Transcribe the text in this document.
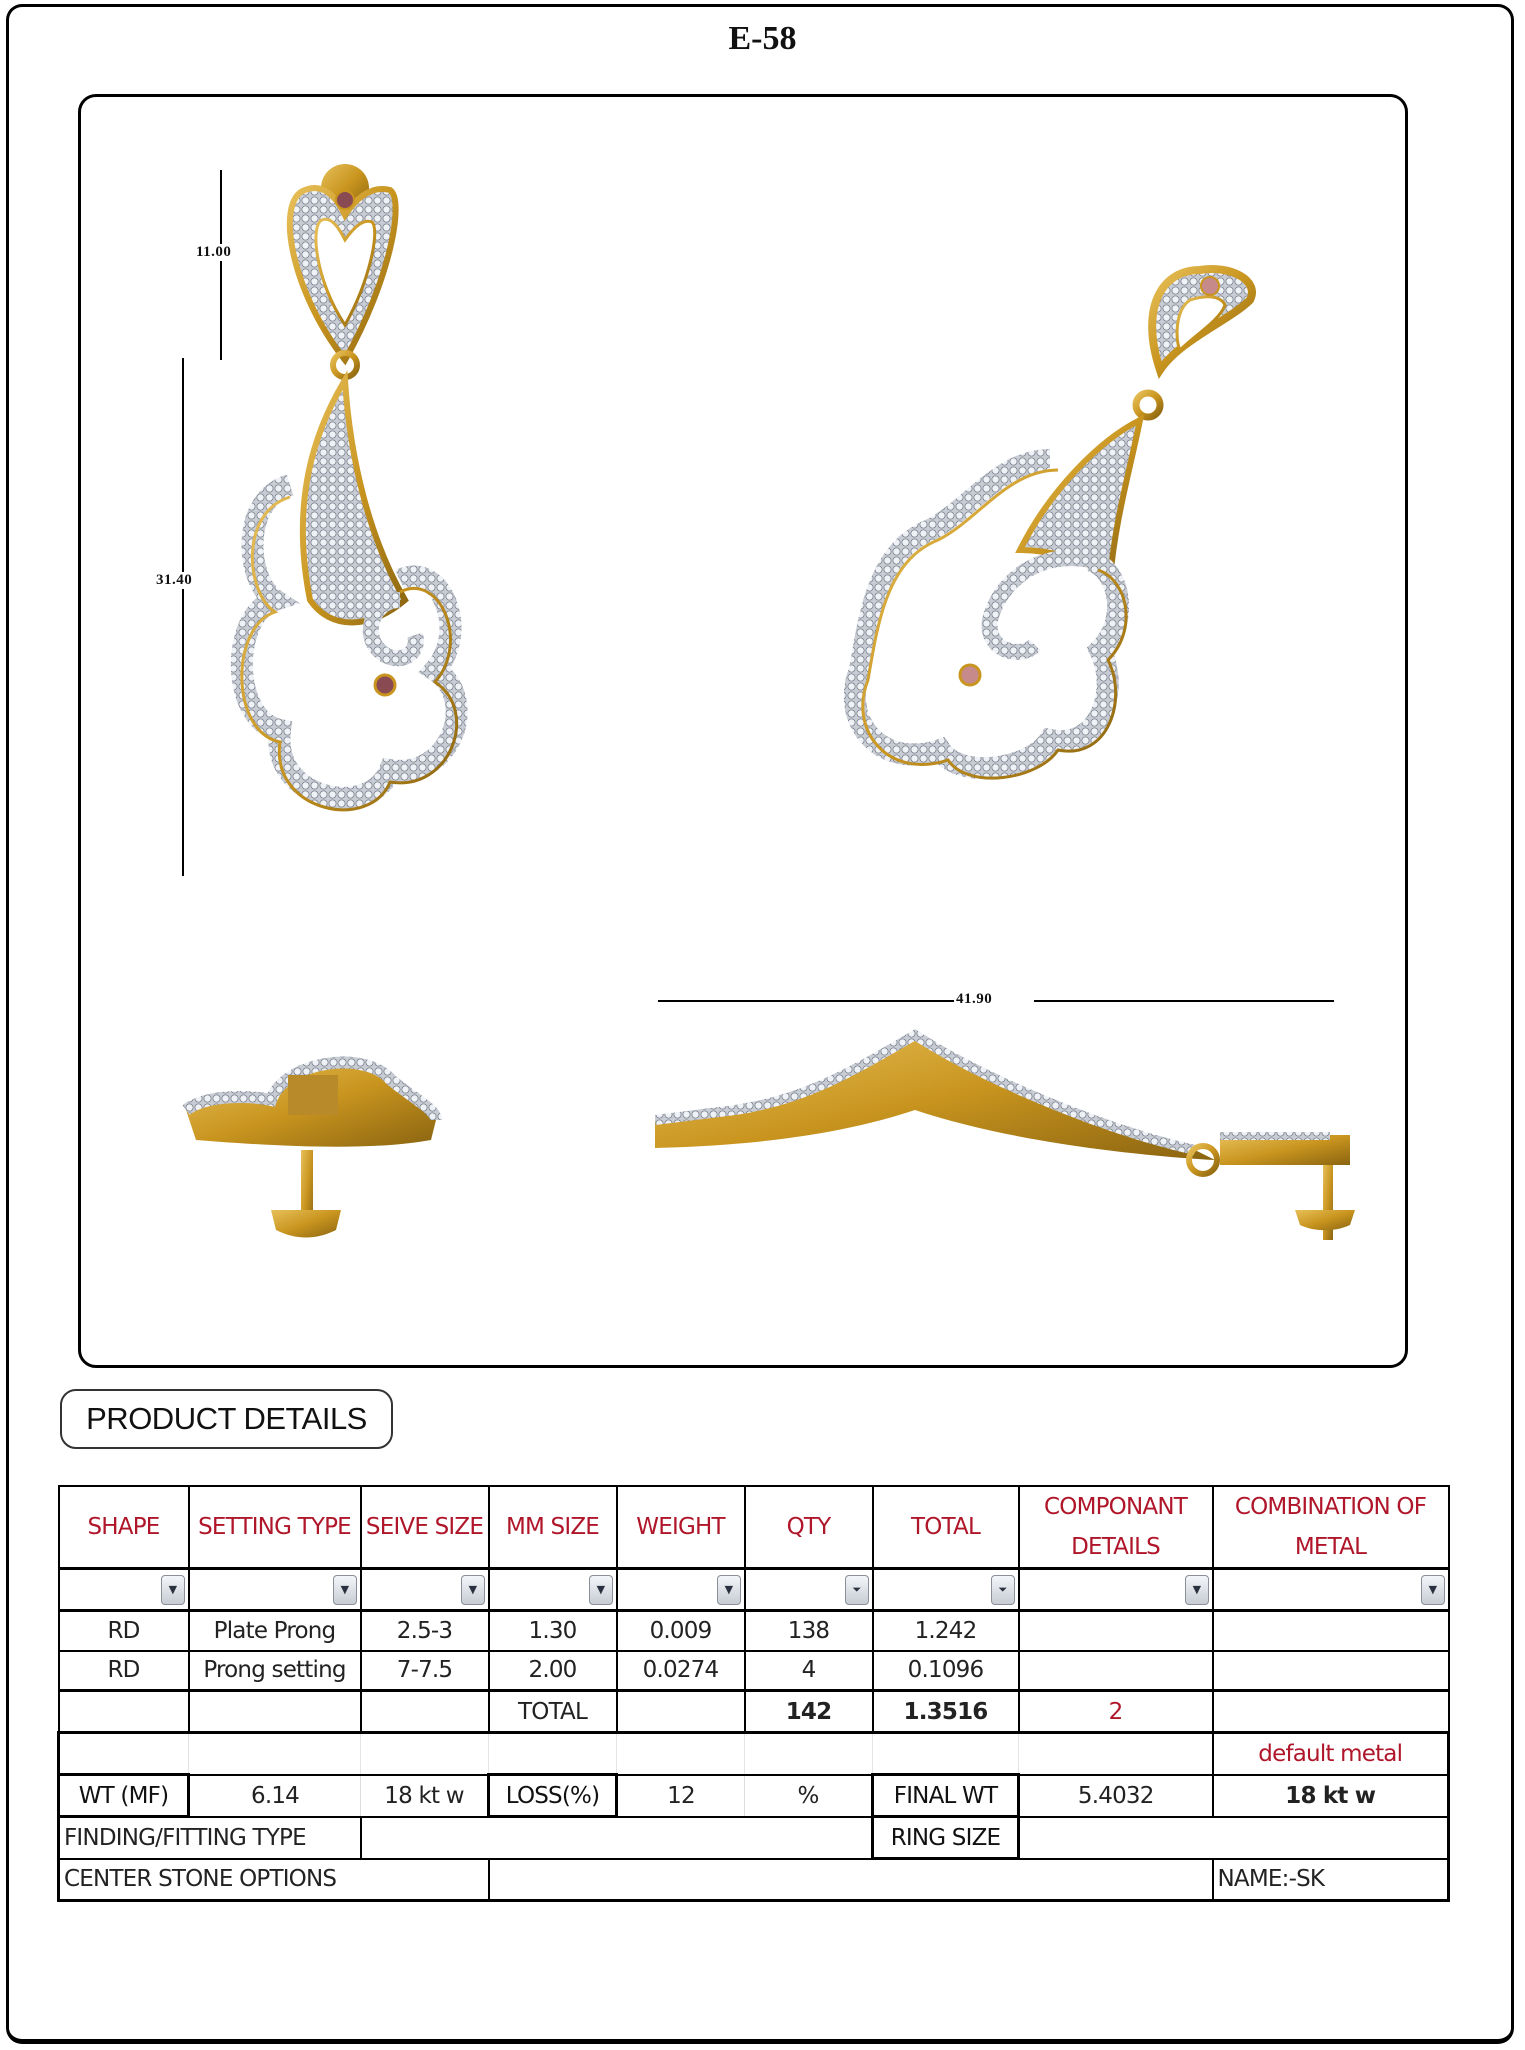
E-58
11.00
31.40
41.90
PRODUCT DETAILS
SHAPE	SETTING TYPE	SEIVE SIZE	MM SIZE	WEIGHT	QTY	TOTAL	COMPONANT DETAILS	COMBINATION OF METAL
▼	▼	▼	▼	▼	⏷	⏷	▼	▼
RD	Plate Prong	2.5-3	1.30	0.009	138	1.242		
RD	Prong setting	7-7.5	2.00	0.0274	4	0.1096		
			TOTAL		142	1.3516	2	
								default metal
WT (MF)	6.14	18 kt w	LOSS(%)	12	%	FINAL WT	5.4032	18 kt w
FINDING/FITTING TYPE						RING SIZE		
CENTER STONE OPTIONS								NAME:-SK
